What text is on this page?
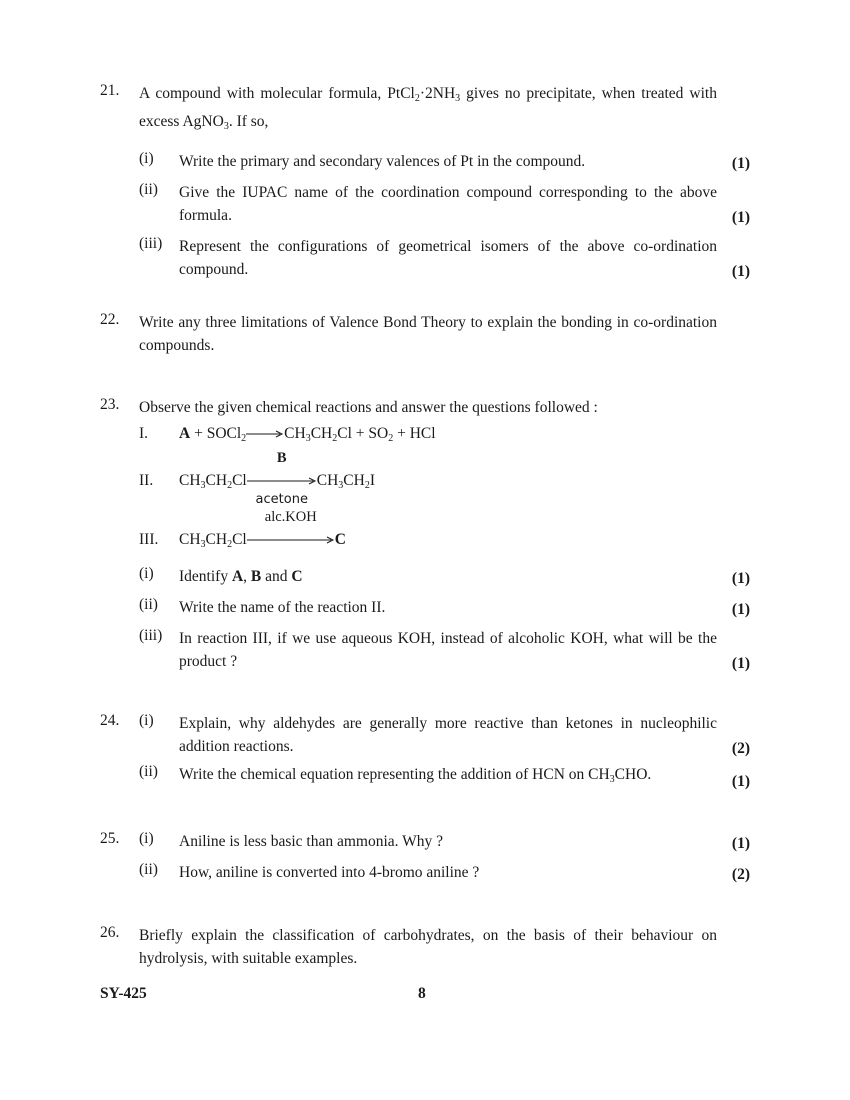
21.	A compound with molecular formula, $PtCl_2\cdot 2NH_3$ gives no precipitate, when treated with excess AgNO$_3$. If so,
(i)	Write the primary and secondary valences of Pt in the compound.	(1)
(ii)	Give the IUPAC name of the coordination compound corresponding to the above formula.	(1)
(iii)	Represent the configurations of geometrical isomers of the above co-ordination compound.	(1)
22.	Write any three limitations of Valence Bond Theory to explain the bonding in co-ordination compounds.
23.	Observe the given chemical reactions and answer the questions followed :
I. $A + SOCl_2\to CH_3CH_2Cl + SO_2$ + HCl
II. $CH_3CH_2Cl$
B
acetone
$CH_3CH_2I$
III. $CH_3CH_2Cl$
alc.KOH
C
(i)	Identify A, B and C	(1)
(ii)	Write the name of the reaction II.	(1)
(iii)	In reaction III, if we use aqueous KOH, instead of alcoholic KOH, what will be the product ?	(1)
24.	(i)	Explain, why aldehydes are generally more reactive than ketones in nucleophilic addition reactions.	(2)
(ii)	Write the chemical equation representing the addition of HCN on $CH_3CHO$.	(1)
25.	(i)	Aniline is less basic than ammonia. Why ?	(1)
(ii)	How, aniline is converted into 4-bromo aniline ?	(2)
26.	Briefly explain the classification of carbohydrates, on the basis of their behaviour on hydrolysis, with suitable examples.
SY-425	8
